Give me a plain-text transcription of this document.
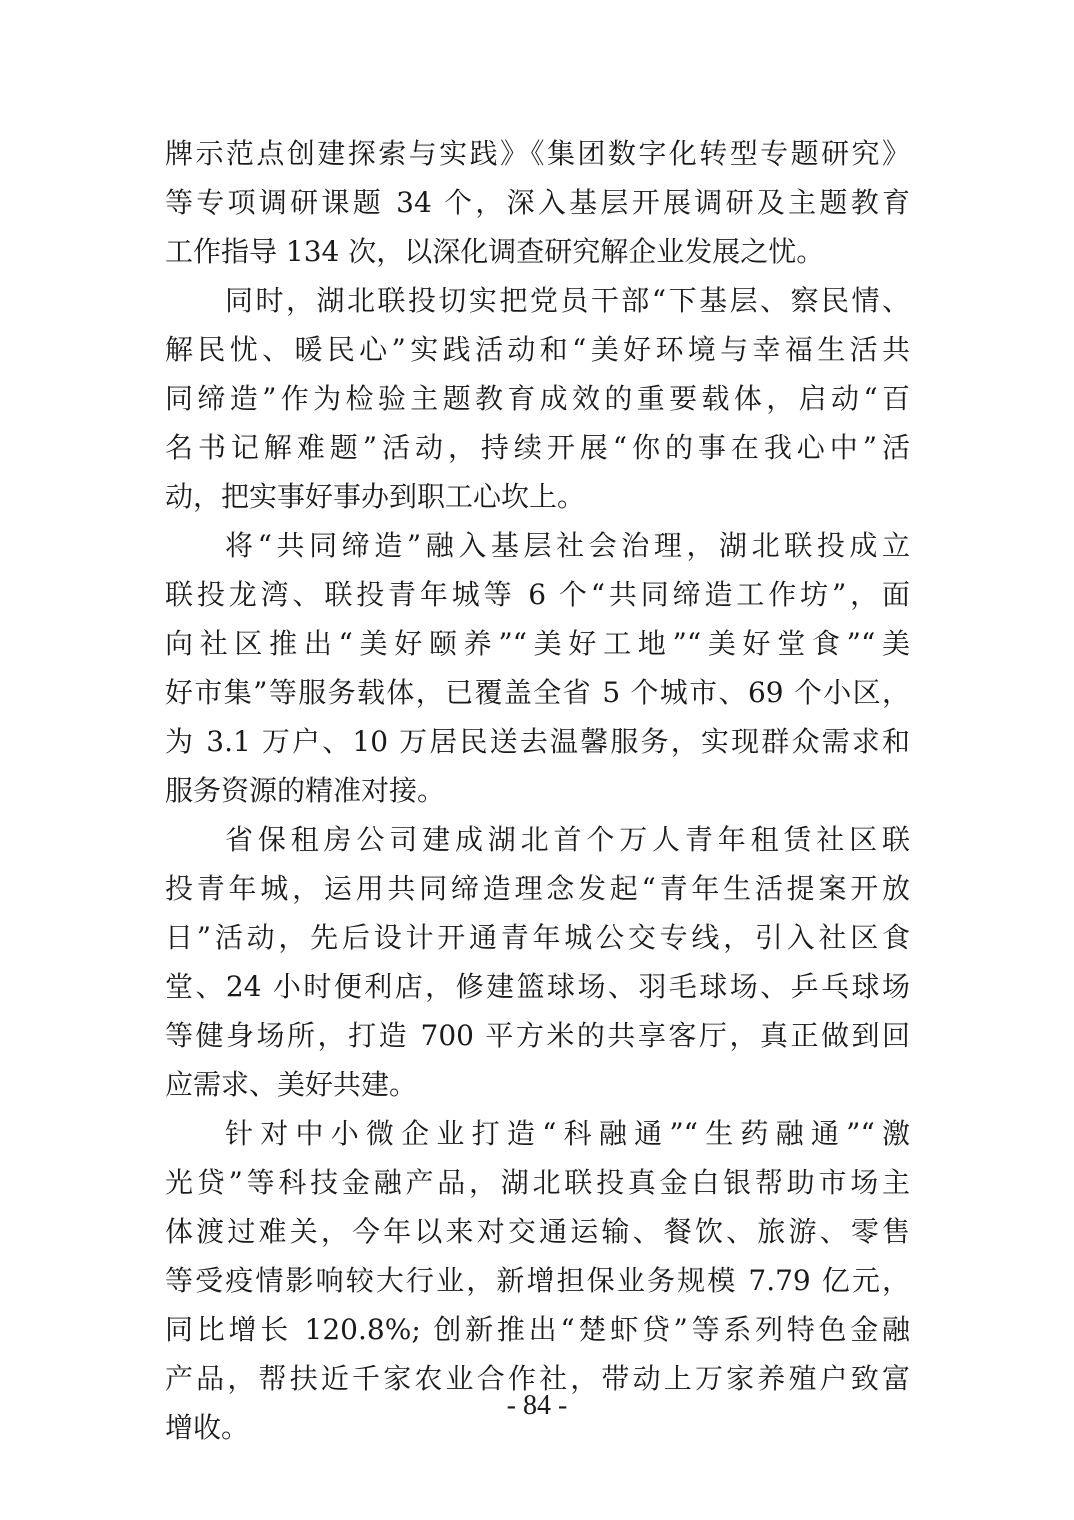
牌示范点创建探索与实践》《集团数字化转型专题研究》
等专项调研课题 34 个，深入基层开展调研及主题教育
工作指导 134 次，以深化调查研究解企业发展之忧。
同时，湖北联投切实把党员干部“下基层、察民情、
解民忧、暖民心”实践活动和“美好环境与幸福生活共
同缔造”作为检验主题教育成效的重要载体，启动“百
名书记解难题”活动，持续开展“你的事在我心中”活
动，把实事好事办到职工心坎上。
将“共同缔造”融入基层社会治理，湖北联投成立
联投龙湾、联投青年城等 6 个“共同缔造工作坊”，面
向社区推出“美好颐养”“美好工地”“美好堂食”“美
好市集”等服务载体，已覆盖全省 5 个城市、69 个小区，
为 3.1 万户、10 万居民送去温馨服务，实现群众需求和
服务资源的精准对接。
省保租房公司建成湖北首个万人青年租赁社区联
投青年城，运用共同缔造理念发起“青年生活提案开放
日”活动，先后设计开通青年城公交专线，引入社区食
堂、24 小时便利店，修建篮球场、羽毛球场、乒乓球场
等健身场所，打造 700 平方米的共享客厅，真正做到回
应需求、美好共建。
针对中小微企业打造“科融通”“生药融通”“激
光贷”等科技金融产品，湖北联投真金白银帮助市场主
体渡过难关，今年以来对交通运输、餐饮、旅游、零售
等受疫情影响较大行业，新增担保业务规模 7.79 亿元，
同比增长 120.8%; 创新推出“楚虾贷”等系列特色金融
产品，帮扶近千家农业合作社，带动上万家养殖户致富
增收。
- 84 -
